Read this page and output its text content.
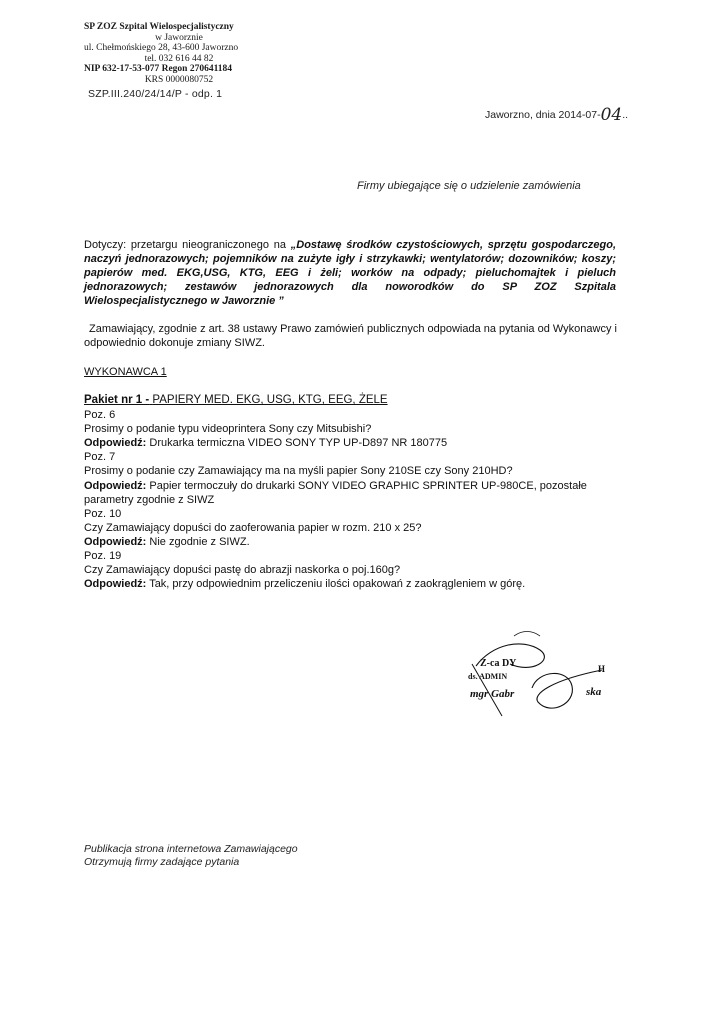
SP ZOZ Szpital Wielospecjalistyczny
w Jaworznie
ul. Chełmońskiego 28, 43-600 Jaworzno
tel. 032 616 44 82
NIP 632-17-53-077 Regon 270641184
KRS 0000080752
SZP.III.240/24/14/P - odp. 1
Jaworzno, dnia 2014-07-04..
Firmy ubiegające się o udzielenie zamówienia
Dotyczy: przetargu nieograniczonego na „Dostawę środków czystościowych, sprzętu gospodarczego, naczyń jednorazowych; pojemników na zużyte igły i strzykawki; wentylatorów; dozowników; koszy; papierów med. EKG,USG, KTG, EEG i żeli; worków na odpady; pieluchomajtek i pieluch jednorazowych; zestawów jednorazowych dla noworodków do SP ZOZ Szpitala Wielospecjalistycznego w Jaworznie ”
Zamawiający, zgodnie z art. 38 ustawy Prawo zamówień publicznych odpowiada na pytania od Wykonawcy i odpowiednio dokonuje zmiany SIWZ.
WYKONAWCA 1
Pakiet nr 1 - PAPIERY MED. EKG, USG, KTG, EEG, ŻELE
Poz. 6
Prosimy o podanie typu videoprintera Sony czy Mitsubishi?
Odpowiedź: Drukarka termiczna VIDEO SONY TYP UP-D897 NR 180775
Poz. 7
Prosimy o podanie czy Zamawiający ma na myśli papier Sony 210SE czy Sony 210HD?
Odpowiedź: Papier termoczuły do drukarki SONY VIDEO GRAPHIC SPRINTER UP-980CE, pozostałe
parametry zgodnie z SIWZ
Poz. 10
Czy Zamawiający dopuści do zaoferowania papier w rozm. 210 x 25?
Odpowiedź: Nie zgodnie z SIWZ.
Poz. 19
Czy Zamawiający dopuści pastę do abrazji naskorka o poj.160g?
Odpowiedź: Tak, przy odpowiednim przeliczeniu ilości opakowań z zaokrągleniem w górę.
Z-ca DY	H
ds. ADMIN
mgr Gabr	ska
Publikacja strona internetowa Zamawiającego
Otrzymują firmy zadające pytania
